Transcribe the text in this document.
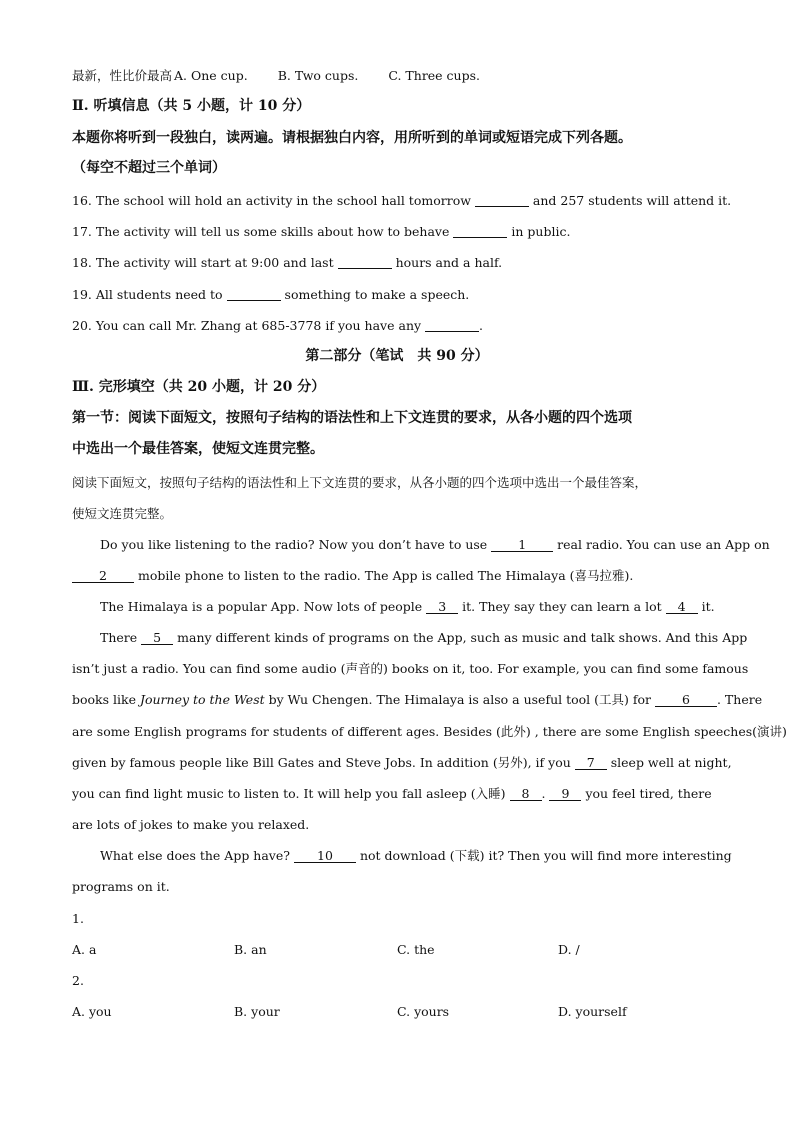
最新，性比价最高 A. One cup. B. Two cups. C. Three cups.
Ⅱ. 听填信息（共 5 小题，计 10 分）
本题你将听到一段独白，读两遍。请根据独白内容，用所听到的单词或短语完成下列各题。
（每空不超过三个单词）
16. The school will hold an activity in the school hall tomorrow	and 257 students will attend it.
17. The activity will tell us some skills about how to behave	in public.
18. The activity will start at 9:00 and last	hours and a half.
19. All students need to	something to make a speech.
20. You can call Mr. Zhang at 685-3778 if you have any	.
第二部分（笔试　共 90 分）
Ⅲ. 完形填空（共 20 小题，计 20 分）
第一节：阅读下面短文，按照句子结构的语法性和上下文连贯的要求，从各小题的四个选项
中选出一个最佳答案，使短文连贯完整。
阅读下面短文，按照句子结构的语法性和上下文连贯的要求，从各小题的四个选项中选出一个最佳答案，
使短文连贯完整。
Do you like listening to the radio? Now you don’t have to use 1 real radio. You can use an App on
2 mobile phone to listen to the radio. The App is called The Himalaya (喜马拉雅).
The Himalaya is a popular App. Now lots of people 3 it. They say they can learn a lot 4 it.
There 5 many different kinds of programs on the App, such as music and talk shows. And this App
isn’t just a radio. You can find some audio (声音的) books on it, too. For example, you can find some famous
books like Journey to the West by Wu Chengen. The Himalaya is also a useful tool (工具) for 6 . There
are some English programs for students of different ages. Besides (此外) , there are some English speeches(演讲)
given by famous people like Bill Gates and Steve Jobs. In addition (另外), if you 7 sleep well at night,
you can find light music to listen to. It will help you fall asleep (入睡) 8 . 9 you feel tired, there
are lots of jokes to make you relaxed.
What else does the App have? 10 not download (下载) it? Then you will find more interesting
programs on it.
1.
A. a	B. an	C. the	D. /
2.
A. you	B. your	C. yours	D. yourself
